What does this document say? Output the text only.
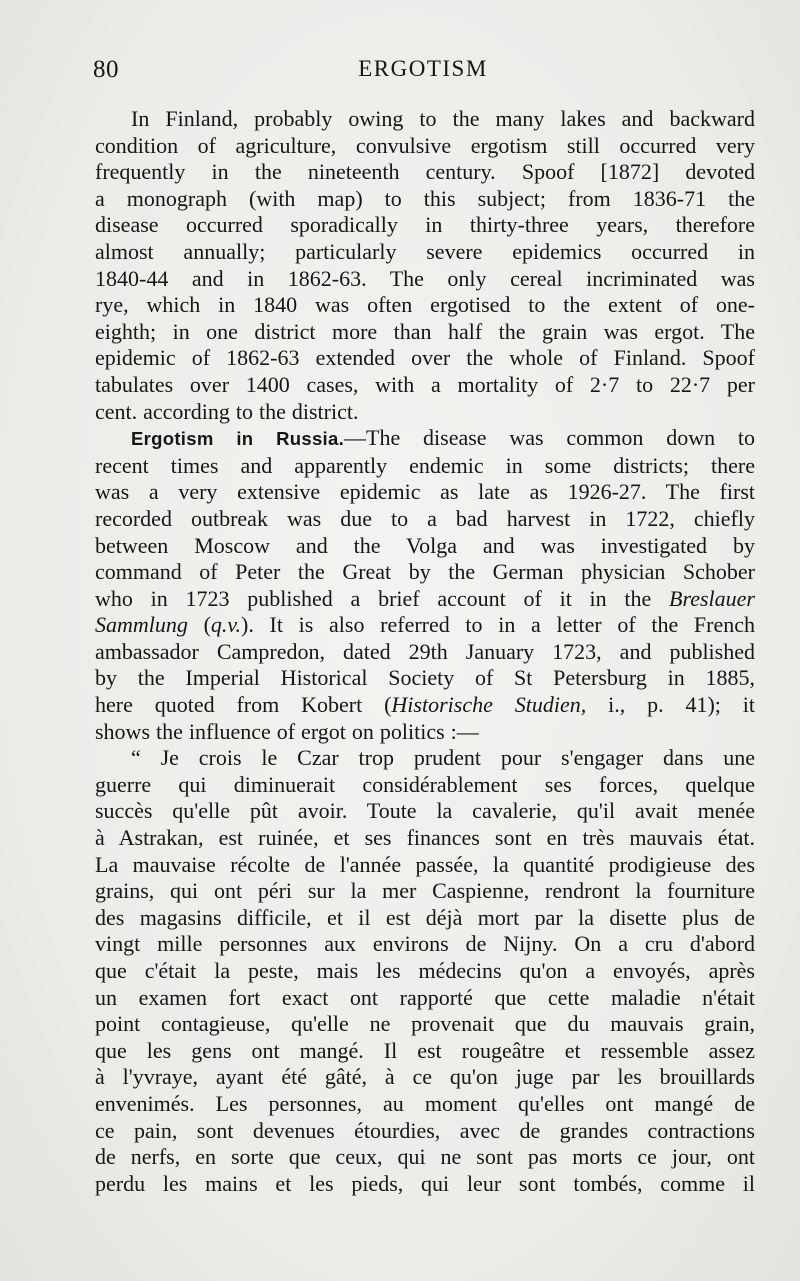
80	ERGOTISM
In Finland, probably owing to the many lakes and backward
condition of agriculture, convulsive ergotism still occurred very
frequently in the nineteenth century. Spoof [1872] devoted
a monograph (with map) to this subject; from 1836-71 the
disease occurred sporadically in thirty-three years, therefore
almost annually; particularly severe epidemics occurred in
1840-44 and in 1862-63. The only cereal incriminated was
rye, which in 1840 was often ergotised to the extent of one-
eighth; in one district more than half the grain was ergot. The
epidemic of 1862-63 extended over the whole of Finland. Spoof
tabulates over 1400 cases, with a mortality of 2·7 to 22·7 per
cent. according to the district.
Ergotism in Russia.—The disease was common down to
recent times and apparently endemic in some districts; there
was a very extensive epidemic as late as 1926-27. The first
recorded outbreak was due to a bad harvest in 1722, chiefly
between Moscow and the Volga and was investigated by
command of Peter the Great by the German physician Schober
who in 1723 published a brief account of it in the Breslauer
Sammlung (q.v.). It is also referred to in a letter of the French
ambassador Campredon, dated 29th January 1723, and published
by the Imperial Historical Society of St Petersburg in 1885,
here quoted from Kobert (Historische Studien, i., p. 41); it
shows the influence of ergot on politics :—
“ Je crois le Czar trop prudent pour s'engager dans une
guerre qui diminuerait considérablement ses forces, quelque
succès qu'elle pût avoir. Toute la cavalerie, qu'il avait menée
à Astrakan, est ruinée, et ses finances sont en très mauvais état.
La mauvaise récolte de l'année passée, la quantité prodigieuse des
grains, qui ont péri sur la mer Caspienne, rendront la fourniture
des magasins difficile, et il est déjà mort par la disette plus de
vingt mille personnes aux environs de Nijny. On a cru d'abord
que c'était la peste, mais les médecins qu'on a envoyés, après
un examen fort exact ont rapporté que cette maladie n'était
point contagieuse, qu'elle ne provenait que du mauvais grain,
que les gens ont mangé. Il est rougeâtre et ressemble assez
à l'yvraye, ayant été gâté, à ce qu'on juge par les brouillards
envenimés. Les personnes, au moment qu'elles ont mangé de
ce pain, sont devenues étourdies, avec de grandes contractions
de nerfs, en sorte que ceux, qui ne sont pas morts ce jour, ont
perdu les mains et les pieds, qui leur sont tombés, comme il
